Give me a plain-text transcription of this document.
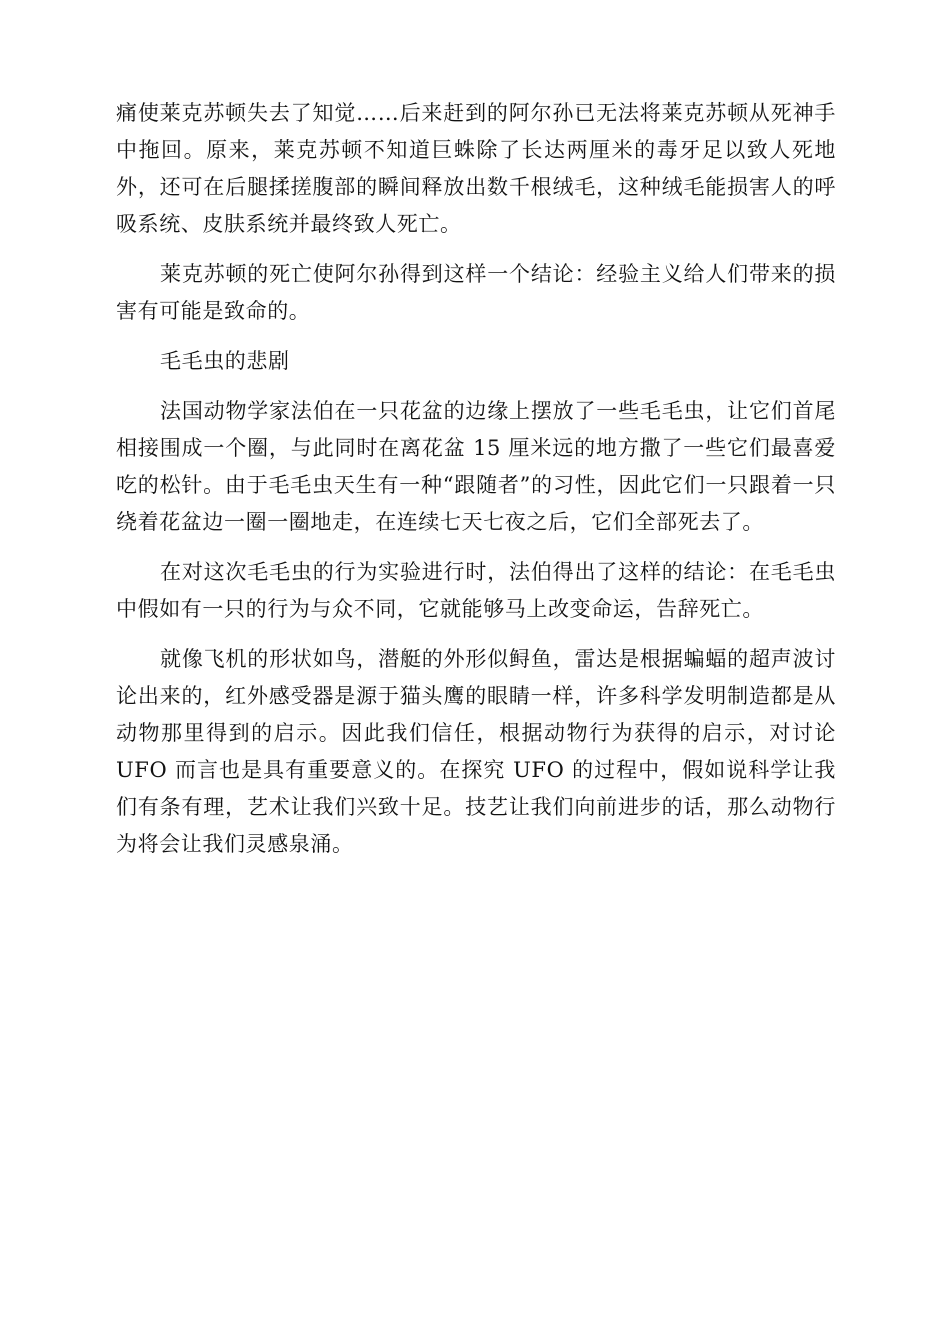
痛使莱克苏顿失去了知觉……后来赶到的阿尔孙已无法将莱克苏顿从死神手中拖回。原来，莱克苏顿不知道巨蛛除了长达两厘米的毒牙足以致人死地外，还可在后腿揉搓腹部的瞬间释放出数千根绒毛，这种绒毛能损害人的呼吸系统、皮肤系统并最终致人死亡。

莱克苏顿的死亡使阿尔孙得到这样一个结论：经验主义给人们带来的损害有可能是致命的。

毛毛虫的悲剧

法国动物学家法伯在一只花盆的边缘上摆放了一些毛毛虫，让它们首尾相接围成一个圈，与此同时在离花盆 15 厘米远的地方撒了一些它们最喜爱吃的松针。由于毛毛虫天生有一种“跟随者”的习性，因此它们一只跟着一只绕着花盆边一圈一圈地走，在连续七天七夜之后，它们全部死去了。

在对这次毛毛虫的行为实验进行时，法伯得出了这样的结论：在毛毛虫中假如有一只的行为与众不同，它就能够马上改变命运，告辞死亡。

就像飞机的形状如鸟，潜艇的外形似鲟鱼，雷达是根据蝙蝠的超声波讨论出来的，红外感受器是源于猫头鹰的眼睛一样，许多科学发明制造都是从动物那里得到的启示。因此我们信任，根据动物行为获得的启示，对讨论 UFO 而言也是具有重要意义的。在探究 UFO 的过程中，假如说科学让我们有条有理，艺术让我们兴致十足。技艺让我们向前进步的话，那么动物行为将会让我们灵感泉涌。
